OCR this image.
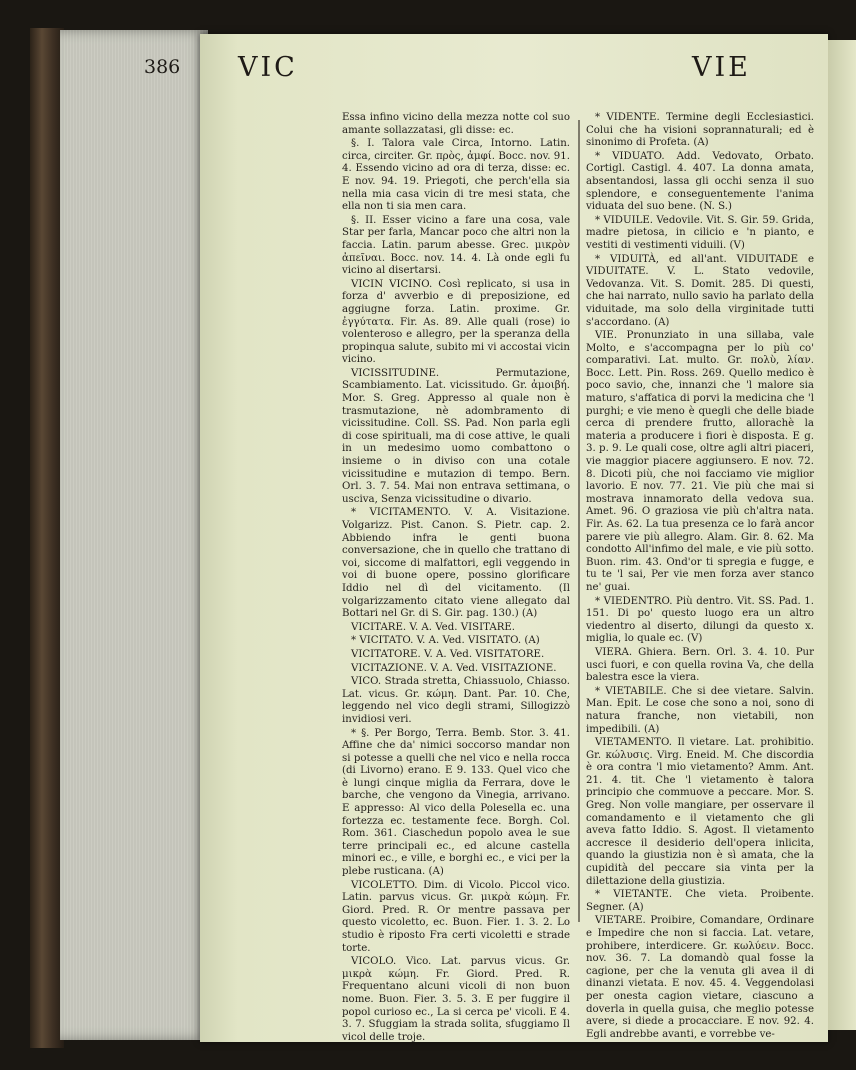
386 VIC	VIE

Essa infino vicino della mezza notte col suo amante sollazzatasi, gli disse: ec.

§. I. Talora vale Circa, Intorno. Latin. circa, circiter. Gr. πρὸς, ἀμφί. Bocc. nov. 91. 4. Essendo vicino ad ora di terza, disse: ec. E nov. 94. 19. Priegoti, che perch'ella sia nella mia casa vicin di tre mesi stata, che ella non ti sia men cara.

§. II. Esser vicino a fare una cosa, vale Star per farla, Mancar poco che altri non la faccia. Latin. parum abesse. Grec. μικρὸν ἀπεῖναι. Bocc. nov. 14. 4. Là onde egli fu vicino al disertarsi.

VICIN VICINO. Così replicato, si usa in forza d' avverbio e di preposizione, ed aggiugne forza. Latin. proxime. Gr. ἐγγύτατα. Fir. As. 89. Alle quali (rose) io volenteroso e allegro, per la speranza della propinqua salute, subito mi vi accostai vicin vicino.

VICISSITUDINE. Permutazione, Scambiamento. Lat. vicissitudo. Gr. ἀμοιβή. Mor. S. Greg. Appresso al quale non è trasmutazione, nè adombramento di vicissitudine. Coll. SS. Pad. Non parla egli di cose spirituali, ma di cose attive, le quali in un medesimo uomo combattono o insieme o in diviso con una cotale vicissitudine e mutazion di tempo. Bern. Orl. 3. 7. 54. Mai non entrava settimana, o usciva, Senza vicissitudine o divario.

* VICITAMENTO. V. A. Visitazione. Volgarizz. Pist. Canon. S. Pietr. cap. 2. Abbiendo infra le genti buona conversazione, che in quello che trattano di voi, siccome di malfattori, egli veggendo in voi di buone opere, possino glorificare Iddio nel dì del vicitamento. (Il volgarizzamento citato viene allegato dal Bottari nel Gr. di S. Gir. pag. 130.) (A)

VICITARE. V. A. Ved. VISITARE.

* VICITATO. V. A. Ved. VISITATO. (A)

VICITATORE. V. A. Ved. VISITATORE.

VICITAZIONE. V. A. Ved. VISITAZIONE.

VICO. Strada stretta, Chiassuolo, Chiasso. Lat. vicus. Gr. κώμη. Dant. Par. 10. Che, leggendo nel vico degli strami, Sillogizzò invidiosi veri.

* §. Per Borgo, Terra. Bemb. Stor. 3. 41. Affine che da' nimici soccorso mandar non si potesse a quelli che nel vico e nella rocca (di Livorno) erano. E 9. 133. Quel vico che è lungi cinque miglia da Ferrara, dove le barche, che vengono da Vinegia, arrivano. E appresso: Al vico della Polesella ec. una fortezza ec. testamente fece. Borgh. Col. Rom. 361. Ciaschedun popolo avea le sue terre principali ec., ed alcune castella minori ec., e ville, e borghi ec., e vici per la plebe rusticana. (A)

VICOLETTO. Dim. di Vicolo. Piccol vico. Latin. parvus vicus. Gr. μικρὰ κώμη. Fr. Giord. Pred. R. Or mentre passava per questo vicoletto, ec. Buon. Fier. 1. 3. 2. Lo studio è riposto Fra certi vicoletti e strade torte.

VICOLO. Vico. Lat. parvus vicus. Gr. μικρὰ κώμη. Fr. Giord. Pred. R. Frequentano alcuni vicoli di non buon nome. Buon. Fier. 3. 5. 3. E per fuggire il popol curioso ec., La si cerca pe' vicoli. E 4. 3. 7. Sfuggiam la strada solita, sfuggiamo Il vicol delle troje.

* VIDENTE. Termine degli Ecclesiastici. Colui che ha visioni soprannaturali; ed è sinonimo di Profeta. (A)

* VIDUATO. Add. Vedovato, Orbato. Cortigl. Castigl. 4. 407. La donna amata, absentandosi, lassa gli occhi senza il suo splendore, e conseguentemente l'anima viduata del suo bene. (N. S.)

* VIDUILE. Vedovile. Vit. S. Gir. 59. Grida, madre pietosa, in cilicio e 'n pianto, e vestiti di vestimenti viduili. (V)

* VIDUITÀ, ed all'ant. VIDUITADE e VIDUITATE. V. L. Stato vedovile, Vedovanza. Vit. S. Domit. 285. Di questi, che hai narrato, nullo savio ha parlato della viduitade, ma solo della virginitade tutti s'accordano. (A)

VIE. Pronunziato in una sillaba, vale Molto, e s'accompagna per lo più co' comparativi. Lat. multo. Gr. πολὺ, λίαν. Bocc. Lett. Pin. Ross. 269. Quello medico è poco savio, che, innanzi che 'l malore sia maturo, s'affatica di porvi la medicina che 'l purghi; e vie meno è quegli che delle biade cerca di prendere frutto, allorachè la materia a producere i fiori è disposta. E g. 3. p. 9. Le quali cose, oltre agli altri piaceri, vie maggior piacere aggiunsero. E nov. 72. 8. Dicoti più, che noi facciamo vie miglior lavorio. E nov. 77. 21. Vie più che mai si mostrava innamorato della vedova sua. Amet. 96. O graziosa vie più ch'altra nata. Fir. As. 62. La tua presenza ce lo farà ancor parere vie più allegro. Alam. Gir. 8. 62. Ma condotto All'infimo del male, e vie più sotto. Buon. rim. 43. Ond'or ti spregia e fugge, e tu te 'l sai, Per vie men forza aver stanco ne' guai.

* VIEDENTRO. Più dentro. Vit. SS. Pad. 1. 151. Di po' questo luogo era un altro viedentro al diserto, dilungi da questo x. miglia, lo quale ec. (V)

VIERA. Ghiera. Bern. Orl. 3. 4. 10. Pur usci fuori, e con quella rovina Va, che della balestra esce la viera.

* VIETABILE. Che si dee vietare. Salvin. Man. Epit. Le cose che sono a noi, sono di natura franche, non vietabili, non impedibili. (A)

VIETAMENTO. Il vietare. Lat. prohibitio. Gr. κώλυσις. Virg. Eneid. M. Che discordia è ora contra 'l mio vietamento? Amm. Ant. 21. 4. tit. Che 'l vietamento è talora principio che commuove a peccare. Mor. S. Greg. Non volle mangiare, per osservare il comandamento e il vietamento che gli aveva fatto Iddio. S. Agost. Il vietamento accresce il desiderio dell'opera inlicita, quando la giustizia non è sì amata, che la cupidità del peccare sia vinta per la dilettazione della giustizia.

* VIETANTE. Che vieta. Proibente. Segner. (A)

VIETARE. Proibire, Comandare, Ordinare e Impedire che non si faccia. Lat. vetare, prohibere, interdicere. Gr. κωλύειν. Bocc. nov. 36. 7. La domandò qual fosse la cagione, per che la venuta gli avea il di dinanzi vietata. E nov. 45. 4. Veggendolasi per onesta cagion vietare, ciascuno a doverla in quella guisa, che meglio potesse avere, si diede a procacciare. E nov. 92. 4. Egli andrebbe avanti, e vorrebbe ve-
